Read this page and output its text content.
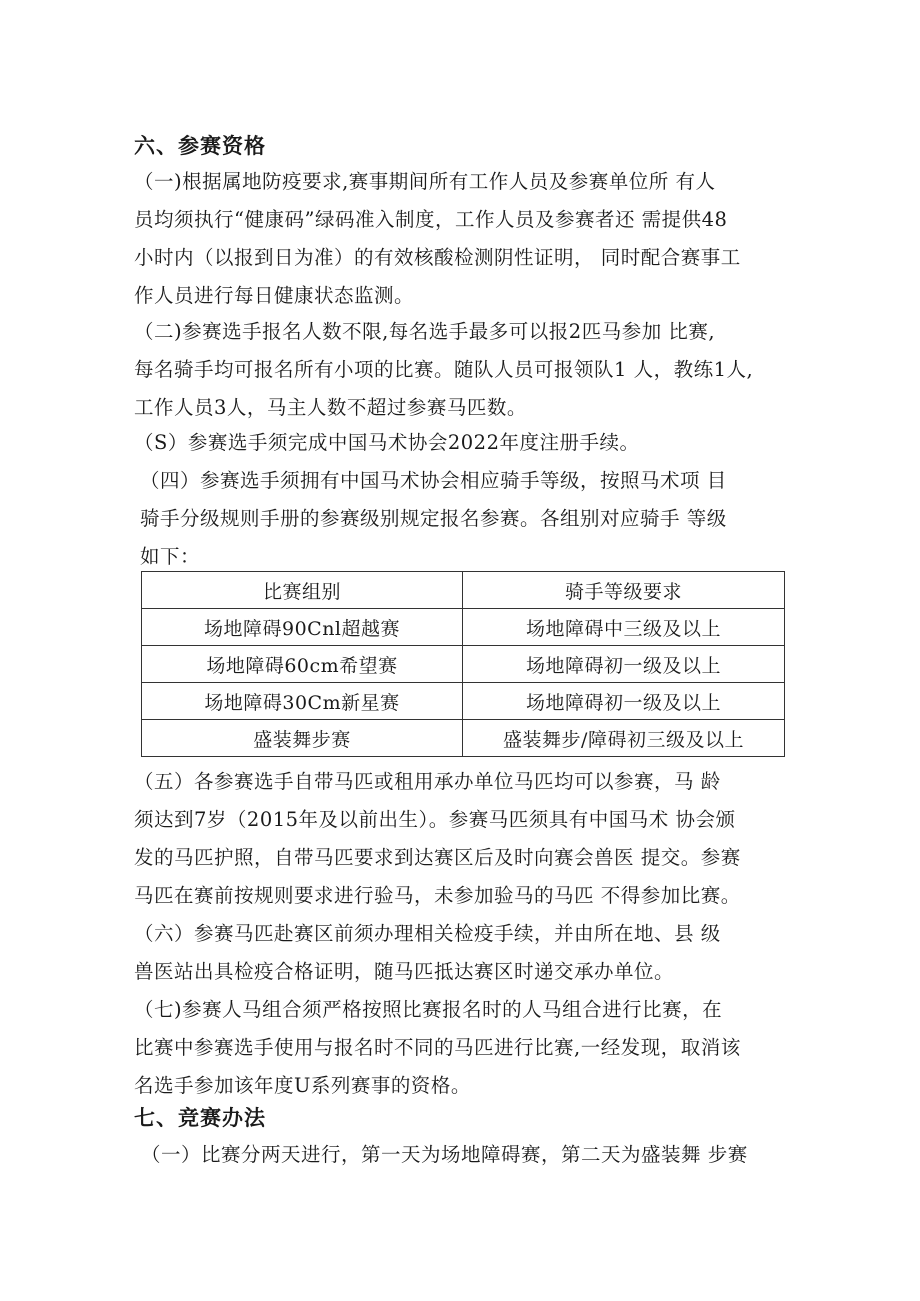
六、参赛资格
（一)根据属地防疫要求,赛事期间所有工作人员及参赛单位所 有人
员均须执行“健康码”绿码准入制度，工作人员及参赛者还 需提供48
小时内（以报到日为准）的有效核酸检测阴性证明， 同时配合赛事工
作人员进行每日健康状态监测。
（二)参赛选手报名人数不限,每名选手最多可以报2匹马参加 比赛,
每名骑手均可报名所有小项的比赛。随队人员可报领队1 人，教练1人,
工作人员3人，马主人数不超过参赛马匹数。
（S）参赛选手须完成中国马术协会2022年度注册手续。
（四）参赛选手须拥有中国马术协会相应骑手等级，按照马术项 目
骑手分级规则手册的参赛级别规定报名参赛。各组别对应骑手 等级
如下：
比赛组别	骑手等级要求
场地障碍90Cnl超越赛	场地障碍中三级及以上
场地障碍60cm希望赛	场地障碍初一级及以上
场地障碍30Cm新星赛	场地障碍初一级及以上
盛装舞步赛	盛装舞步/障碍初三级及以上
（五）各参赛选手自带马匹或租用承办单位马匹均可以参赛，马 龄
须达到7岁（2015年及以前出生）。参赛马匹须具有中国马术 协会颁
发的马匹护照，自带马匹要求到达赛区后及时向赛会兽医 提交。参赛
马匹在赛前按规则要求进行验马，未参加验马的马匹 不得参加比赛。
（六）参赛马匹赴赛区前须办理相关检疫手续，并由所在地、县 级
兽医站出具检疫合格证明，随马匹抵达赛区时递交承办单位。
（七)参赛人马组合须严格按照比赛报名时的人马组合进行比赛，在
比赛中参赛选手使用与报名时不同的马匹进行比赛,一经发现，取消该
名选手参加该年度U系列赛事的资格。
七、竞赛办法
（一）比赛分两天进行，第一天为场地障碍赛，第二天为盛装舞 步赛
